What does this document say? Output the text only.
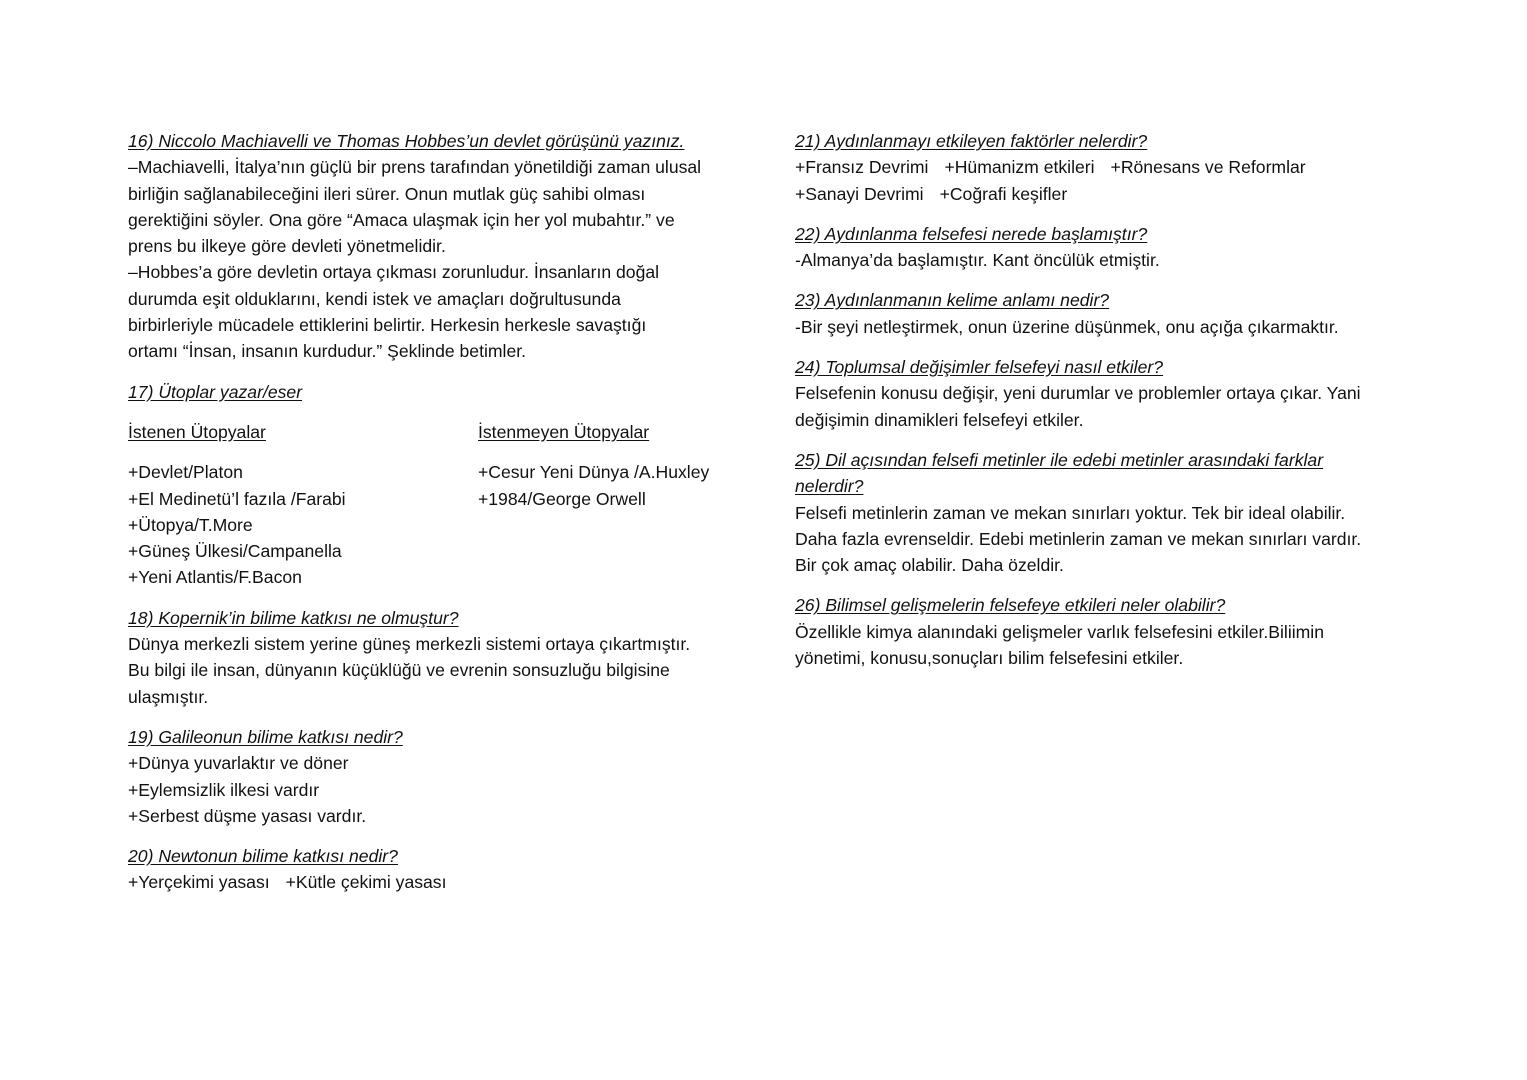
16) Niccolo Machiavelli ve Thomas Hobbes’un devlet görüşünü yazınız.
–Machiavelli, İtalya’nın güçlü bir prens tarafından yönetildiği zaman ulusal
birliğin sağlanabileceğini ileri sürer. Onun mutlak güç sahibi olması
gerektiğini söyler. Ona göre “Amaca ulaşmak için her yol mubahtır.” ve
prens bu ilkeye göre devleti yönetmelidir.
–Hobbes’a göre devletin ortaya çıkması zorunludur. İnsanların doğal
durumda eşit olduklarını, kendi istek ve amaçları doğrultusunda
birbirleriyle mücadele ettiklerini belirtir. Herkesin herkesle savaştığı
ortamı “İnsan, insanın kurdudur.” Şeklinde betimler.
17) Ütoplar yazar/eser
İstenen Ütopyalar	İstenmeyen Ütopyalar
+Devlet/Platon
+El Medinetü’l fazıla /Farabi
+Ütopya/T.More
+Güneş Ülkesi/Campanella
+Yeni Atlantis/F.Bacon
+Cesur Yeni Dünya /A.Huxley
+1984/George Orwell
18) Kopernik’in bilime katkısı ne olmuştur?
Dünya merkezli sistem yerine güneş merkezli sistemi ortaya çıkartmıştır.
Bu bilgi ile insan, dünyanın küçüklüğü ve evrenin sonsuzluğu bilgisine
ulaşmıştır.
19) Galileonun bilime katkısı nedir?
+Dünya yuvarlaktır ve döner
+Eylemsizlik ilkesi vardır
+Serbest düşme yasası vardır.
20) Newtonun bilime katkısı nedir?
+Yerçekimi yasası +Kütle çekimi yasası
21) Aydınlanmayı etkileyen faktörler nelerdir?
+Fransız Devrimi +Hümanizm etkileri +Rönesans ve Reformlar
+Sanayi Devrimi +Coğrafi keşifler
22) Aydınlanma felsefesi nerede başlamıştır?
-Almanya’da başlamıştır. Kant öncülük etmiştir.
23) Aydınlanmanın kelime anlamı nedir?
-Bir şeyi netleştirmek, onun üzerine düşünmek, onu açığa çıkarmaktır.
24) Toplumsal değişimler felsefeyi nasıl etkiler?
Felsefenin konusu değişir, yeni durumlar ve problemler ortaya çıkar. Yani
değişimin dinamikleri felsefeyi etkiler.
25) Dil açısından felsefi metinler ile edebi metinler arasındaki farklar
nelerdir?
Felsefi metinlerin zaman ve mekan sınırları yoktur. Tek bir ideal olabilir.
Daha fazla evrenseldir. Edebi metinlerin zaman ve mekan sınırları vardır.
Bir çok amaç olabilir. Daha özeldir.
26) Bilimsel gelişmelerin felsefeye etkileri neler olabilir?
Özellikle kimya alanındaki gelişmeler varlık felsefesini etkiler.Biliimin
yönetimi, konusu,sonuçları bilim felsefesini etkiler.
